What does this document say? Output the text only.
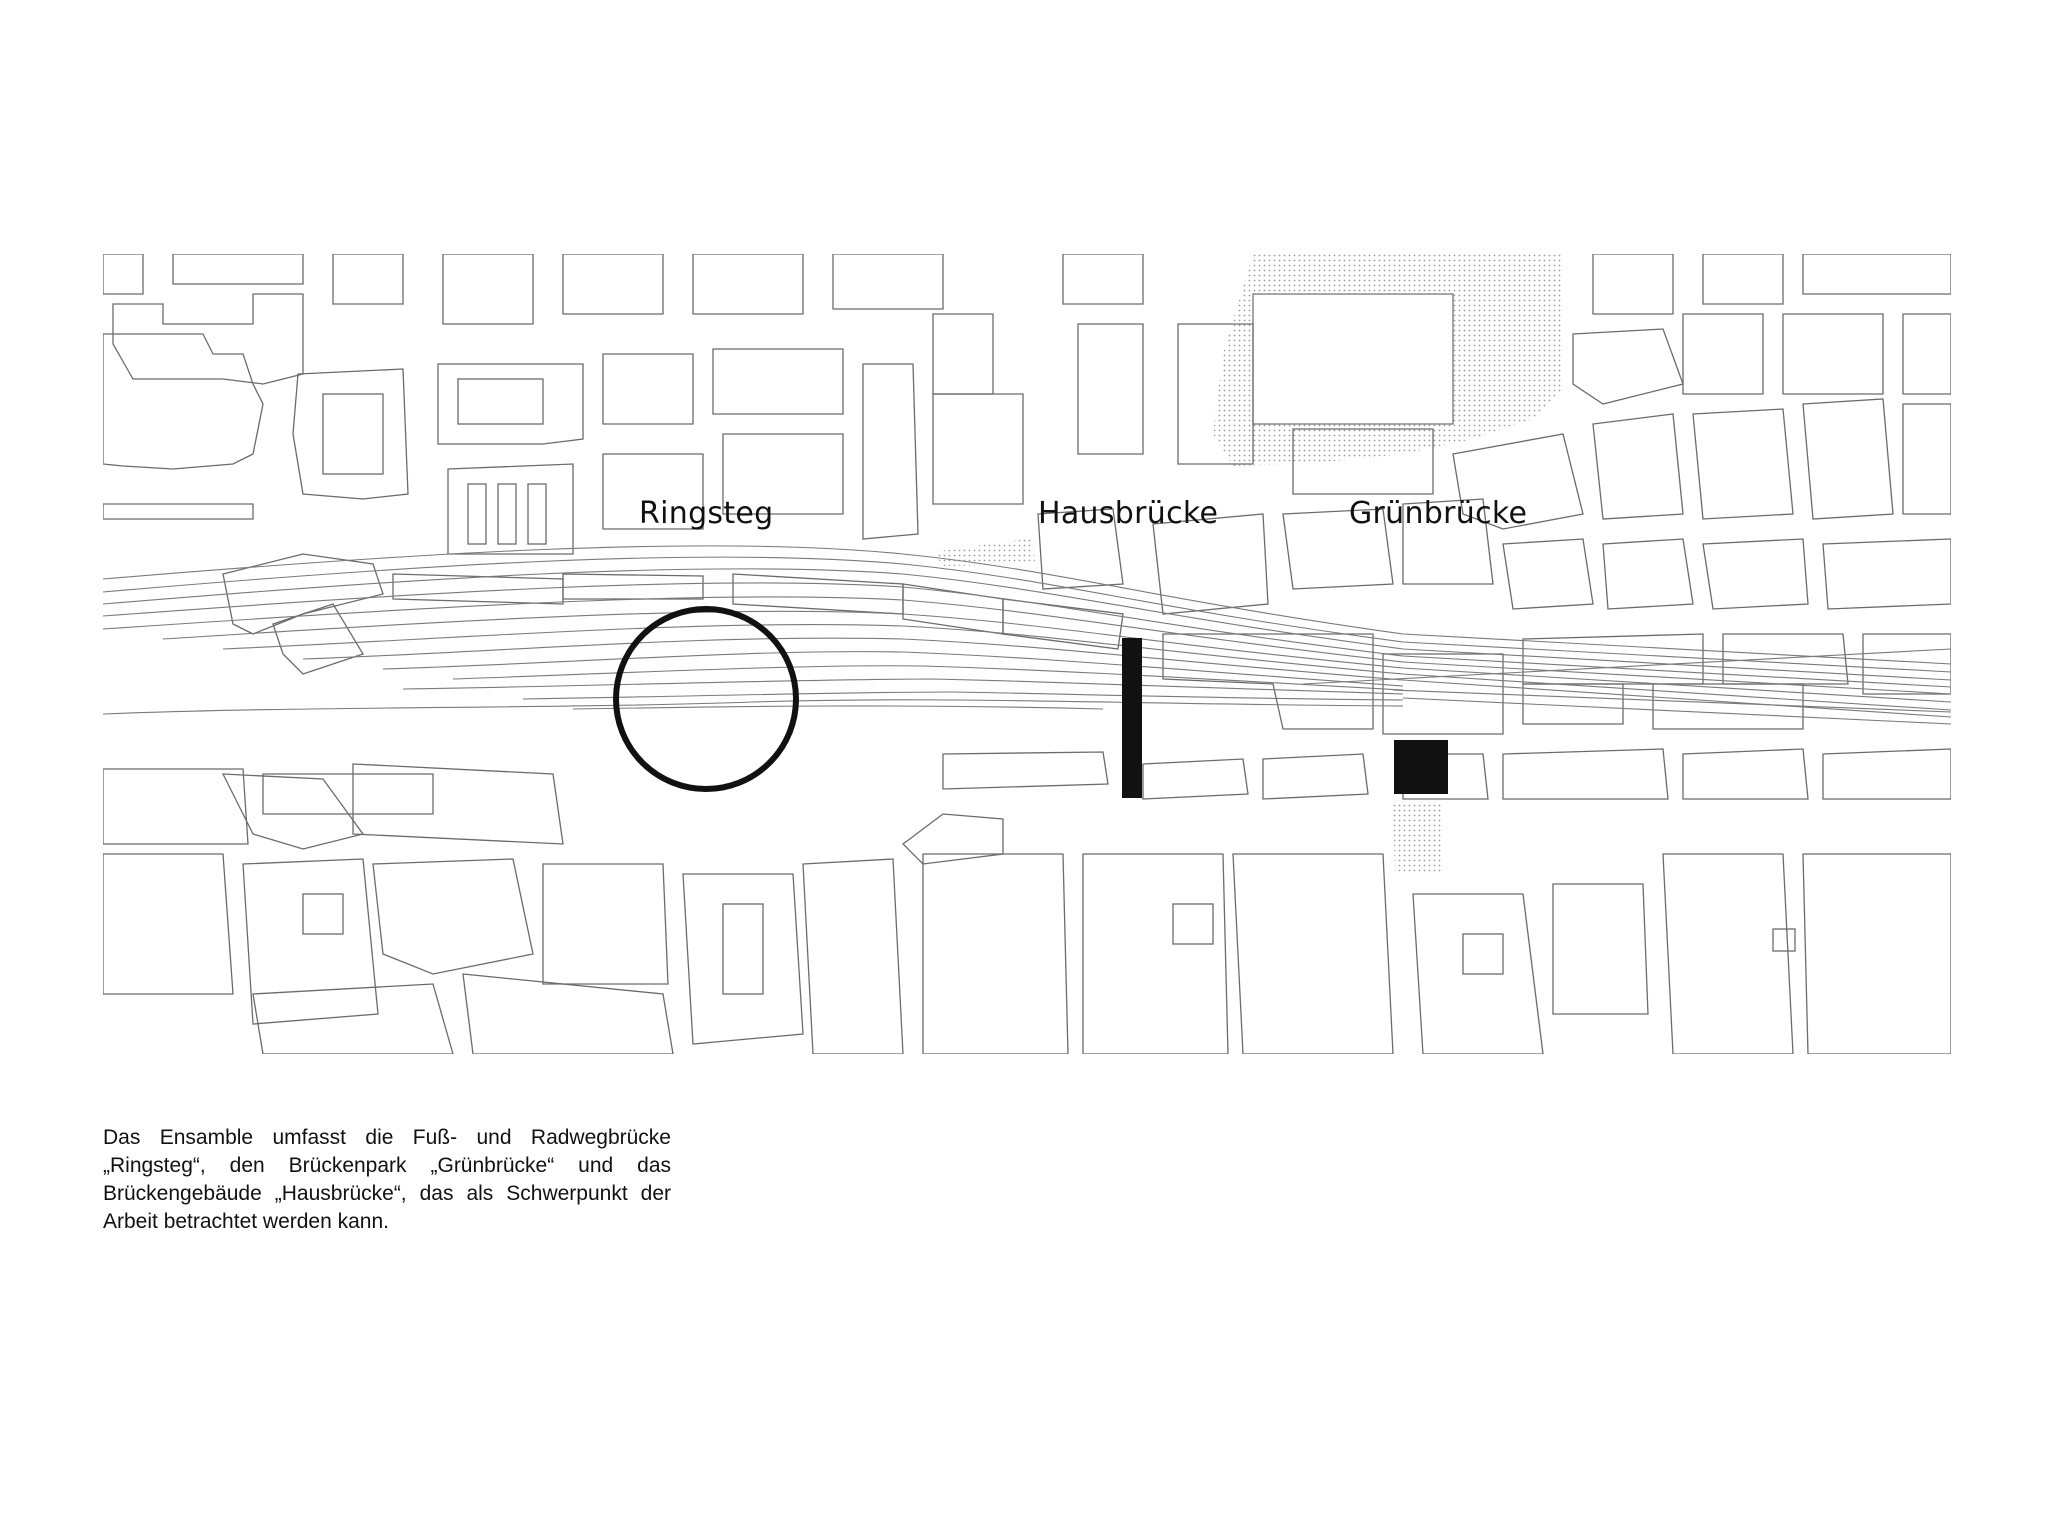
Ringsteg	Hausbrücke	Grünbrücke

Das Ensamble umfasst die Fuß- und Radwegbrücke „Ringsteg“, den Brückenpark „Grünbrücke“ und das Brückengebäude „Hausbrücke“, das als Schwerpunkt der Arbeit betrachtet werden kann.
